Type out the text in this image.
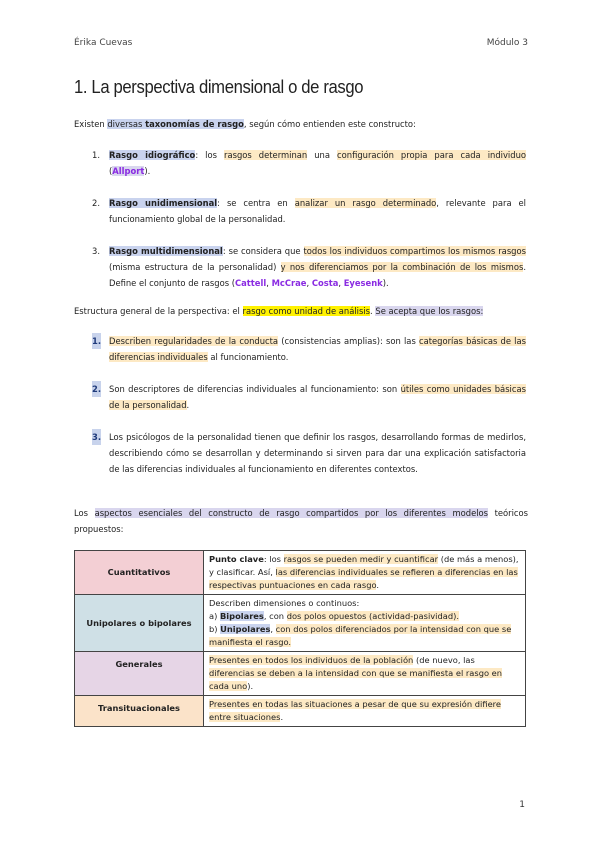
Érika Cuevas	Módulo 3
1. La perspectiva dimensional o de rasgo

Existen diversas taxonomías de rasgo, según cómo entienden este constructo:

1. Rasgo idiográfico: los rasgos determinan una configuración propia para cada individuo (Allport).
2. Rasgo unidimensional: se centra en analizar un rasgo determinado, relevante para el funcionamiento global de la personalidad.
3. Rasgo multidimensional: se considera que todos los individuos compartimos los mismos rasgos (misma estructura de la personalidad) y nos diferenciamos por la combinación de los mismos. Define el conjunto de rasgos (Cattell, McCrae, Costa, Eyesenk).

Estructura general de la perspectiva: el rasgo como unidad de análisis. Se acepta que los rasgos:

1. Describen regularidades de la conducta (consistencias amplias): son las categorías básicas de las diferencias individuales al funcionamiento.
2. Son descriptores de diferencias individuales al funcionamiento: son útiles como unidades básicas de la personalidad.
3. Los psicólogos de la personalidad tienen que definir los rasgos, desarrollando formas de medirlos, describiendo cómo se desarrollan y determinando si sirven para dar una explicación satisfactoria de las diferencias individuales al funcionamiento en diferentes contextos.

Los aspectos esenciales del constructo de rasgo compartidos por los diferentes modelos teóricos propuestos:

Cuantitativos	Punto clave: los rasgos se pueden medir y cuantificar (de más a menos), y clasificar. Así, las diferencias individuales se refieren a diferencias en las respectivas puntuaciones en cada rasgo.
Unipolares o bipolares	Describen dimensiones o continuos:
a) Bipolares, con dos polos opuestos (actividad-pasividad).
b) Unipolares, con dos polos diferenciados por la intensidad con que se manifiesta el rasgo.

Generales	Presentes en todos los individuos de la población (de nuevo, las diferencias se deben a la intensidad con que se manifiesta el rasgo en cada uno).
Transituacionales	Presentes en todas las situaciones a pesar de que su expresión difiere entre situaciones.
1
